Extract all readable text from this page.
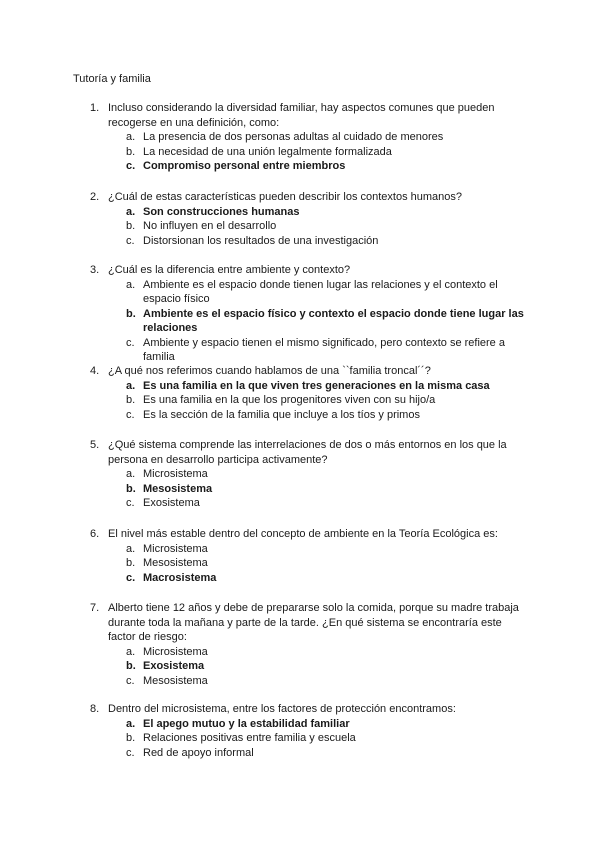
Tutoría y familia
1. Incluso considerando la diversidad familiar, hay aspectos comunes que pueden recogerse en una definición, como:
a. La presencia de dos personas adultas al cuidado de menores
b. La necesidad de una unión legalmente formalizada
c. Compromiso personal entre miembros
2. ¿Cuál de estas características pueden describir los contextos humanos?
a. Son construcciones humanas
b. No influyen en el desarrollo
c. Distorsionan los resultados de una investigación
3. ¿Cuál es la diferencia entre ambiente y contexto?
a. Ambiente es el espacio donde tienen lugar las relaciones y el contexto el espacio físico
b. Ambiente es el espacio físico y contexto el espacio donde tiene lugar las relaciones
c. Ambiente y espacio tienen el mismo significado, pero contexto se refiere a familia
4. ¿A qué nos referimos cuando hablamos de una ``familia troncal´´?
a. Es una familia en la que viven tres generaciones en la misma casa
b. Es una familia en la que los progenitores viven con su hijo/a
c. Es la sección de la familia que incluye a los tíos y primos
5. ¿Qué sistema comprende las interrelaciones de dos o más entornos en los que la persona en desarrollo participa activamente?
a. Microsistema
b. Mesosistema
c. Exosistema
6. El nivel más estable dentro del concepto de ambiente en la Teoría Ecológica es:
a. Microsistema
b. Mesosistema
c. Macrosistema
7. Alberto tiene 12 años y debe de prepararse solo la comida, porque su madre trabaja durante toda la mañana y parte de la tarde. ¿En qué sistema se encontraría este factor de riesgo:
a. Microsistema
b. Exosistema
c. Mesosistema
8. Dentro del microsistema, entre los factores de protección encontramos:
a. El apego mutuo y la estabilidad familiar
b. Relaciones positivas entre familia y escuela
c. Red de apoyo informal
